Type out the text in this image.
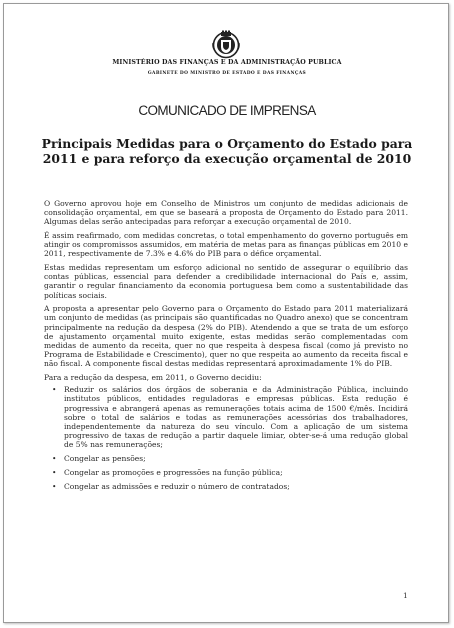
MINISTÉRIO DAS FINANÇAS E DA ADMINISTRAÇÃO PUBLICA
GABINETE DO MINISTRO DE ESTADO E DAS FINANÇAS
COMUNICADO DE IMPRENSA
Principais Medidas para o Orçamento do Estado para 2011 e para reforço da execução orçamental de 2010

O Governo aprovou hoje em Conselho de Ministros um conjunto de medidas adicionais de consolidação orçamental, em que se baseará a proposta de Orçamento do Estado para 2011. Algumas delas serão antecipadas para reforçar a execução orçamental de 2010.

É assim reafirmado, com medidas concretas, o total empenhamento do governo português em atingir os compromissos assumidos, em matéria de metas para as finanças públicas em 2010 e 2011, respectivamente de 7.3% e 4.6% do PIB para o défice orçamental.

Estas medidas representam um esforço adicional no sentido de assegurar o equilíbrio das contas públicas, essencial para defender a credibilidade internacional do País e, assim, garantir o regular financiamento da economia portuguesa bem como a sustentabilidade das políticas sociais.

A proposta a apresentar pelo Governo para o Orçamento do Estado para 2011 materializará um conjunto de medidas (as principais são quantificadas no Quadro anexo) que se concentram principalmente na redução da despesa (2% do PIB). Atendendo a que se trata de um esforço de ajustamento orçamental muito exigente, estas medidas serão complementadas com medidas de aumento da receita, quer no que respeita à despesa fiscal (como já previsto no Programa de Estabilidade e Crescimento), quer no que respeita ao aumento da receita fiscal e não fiscal. A componente fiscal destas medidas representará aproximadamente 1% do PIB.

Para a redução da despesa, em 2011, o Governo decidiu:

• Reduzir os salários dos órgãos de soberania e da Administração Pública, incluindo institutos públicos, entidades reguladoras e empresas públicas. Esta redução é progressiva e abrangerá apenas as remunerações totais acima de 1500 €/mês. Incidirá sobre o total de salários e todas as remunerações acessórias dos trabalhadores, independentemente da natureza do seu vínculo. Com a aplicação de um sistema progressivo de taxas de redução a partir daquele limiar, obter-se-á uma redução global de 5% nas remunerações;
• Congelar as pensões;
• Congelar as promoções e progressões na função pública;
• Congelar as admissões e reduzir o número de contratados;
1
